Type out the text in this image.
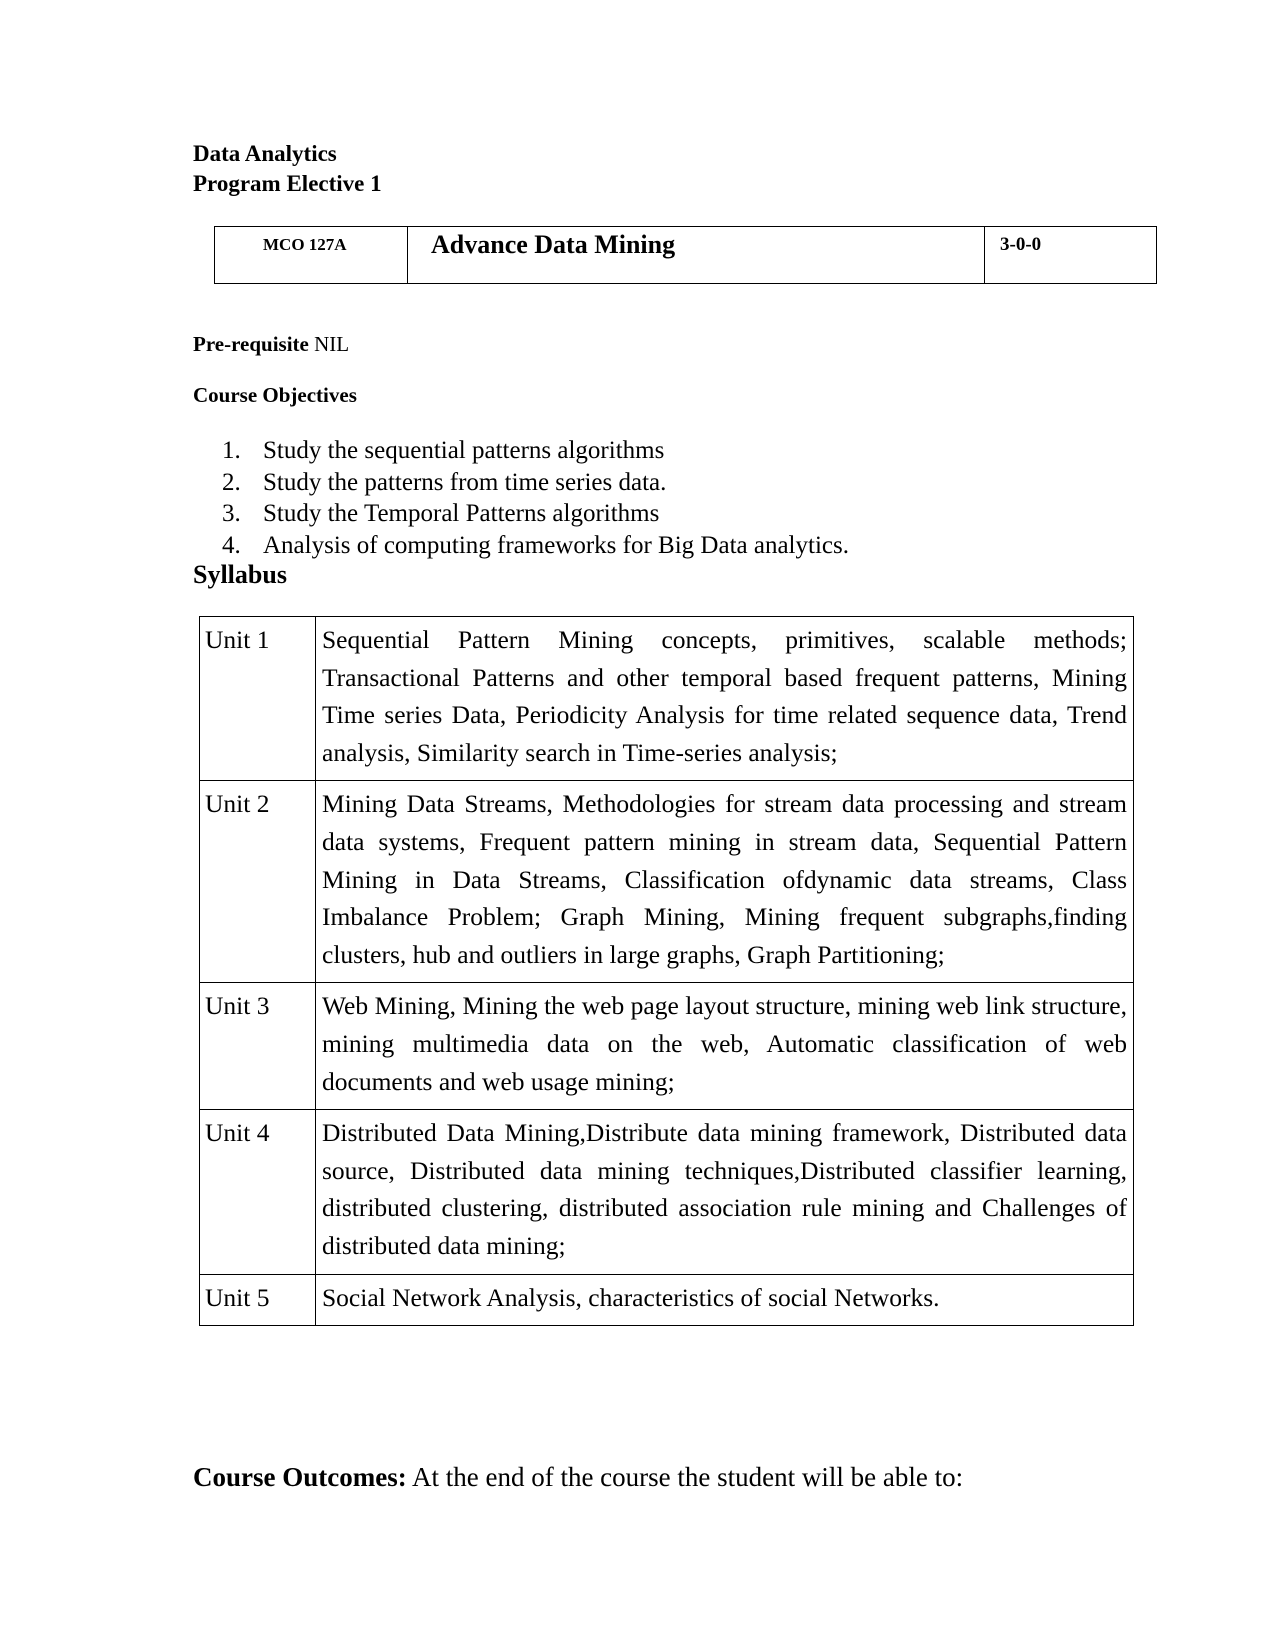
Data Analytics
Program Elective 1
MCO 127A	Advance Data Mining	3-0-0
Pre-requisite NIL
Course Objectives
1. Study the sequential patterns algorithms
2. Study the patterns from time series data.
3. Study the Temporal Patterns algorithms
4. Analysis of computing frameworks for Big Data analytics.
Syllabus
Unit 1	Sequential Pattern Mining concepts, primitives, scalable methods; Transactional Patterns and other temporal based frequent patterns, Mining Time series Data, Periodicity Analysis for time related sequence data, Trend analysis, Similarity search in Time-series analysis;
Unit 2	Mining Data Streams, Methodologies for stream data processing and stream data systems, Frequent pattern mining in stream data, Sequential Pattern Mining in Data Streams, Classification ofdynamic data streams, Class Imbalance Problem; Graph Mining, Mining frequent subgraphs,finding clusters, hub and outliers in large graphs, Graph Partitioning;
Unit 3	Web Mining, Mining the web page layout structure, mining web link structure, mining multimedia data on the web, Automatic classification of web documents and web usage mining;
Unit 4	Distributed Data Mining,Distribute data mining framework, Distributed data source, Distributed data mining techniques,Distributed classifier learning, distributed clustering, distributed association rule mining and Challenges of distributed data mining;
Unit 5	Social Network Analysis, characteristics of social Networks.
Course Outcomes: At the end of the course the student will be able to:
